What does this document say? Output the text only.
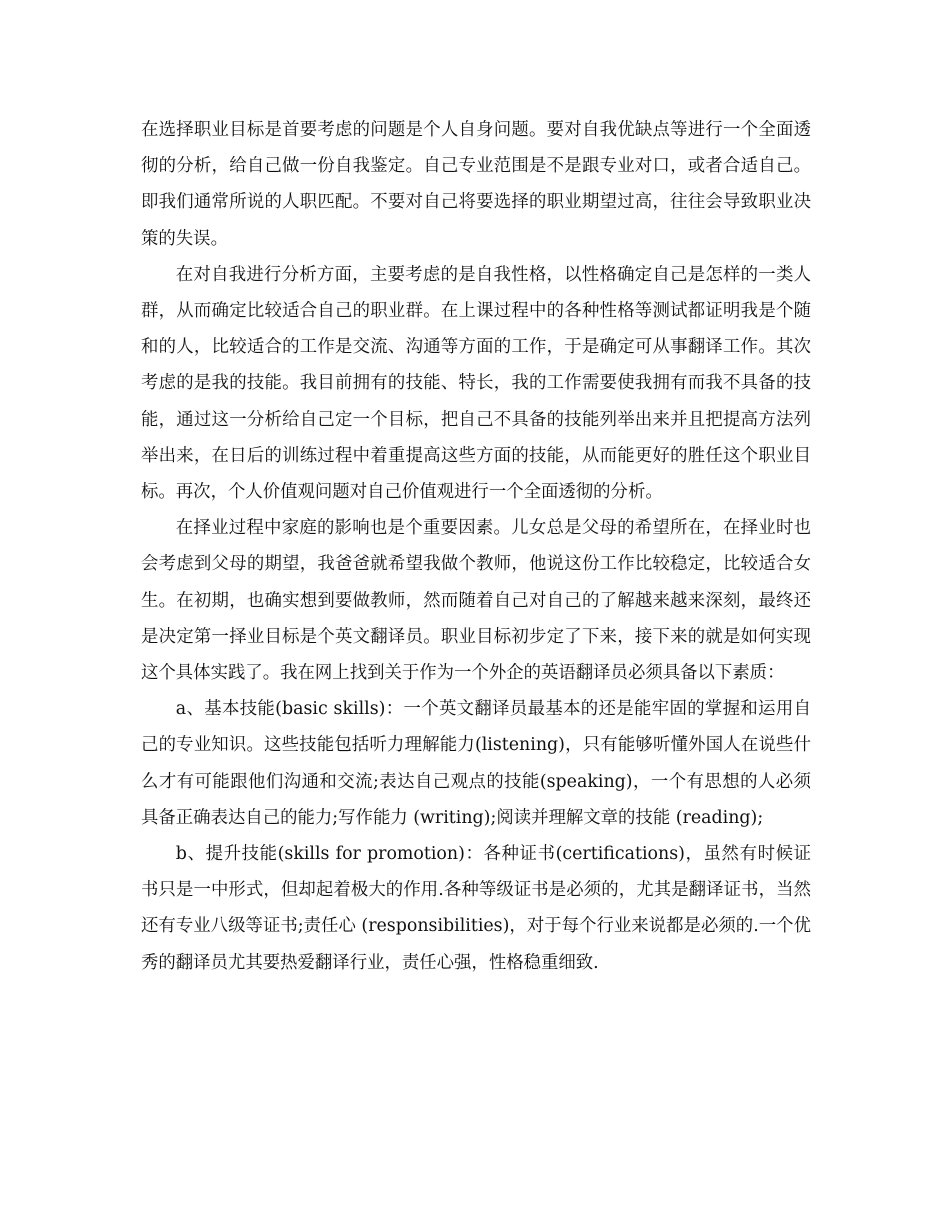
在选择职业目标是首要考虑的问题是个人自身问题。要对自我优缺点等进行一个全面透彻的分析，给自己做一份自我鉴定。自己专业范围是不是跟专业对口，或者合适自己。即我们通常所说的人职匹配。不要对自己将要选择的职业期望过高，往往会导致职业决策的失误。

在对自我进行分析方面，主要考虑的是自我性格，以性格确定自己是怎样的一类人群，从而确定比较适合自己的职业群。在上课过程中的各种性格等测试都证明我是个随和的人，比较适合的工作是交流、沟通等方面的工作，于是确定可从事翻译工作。其次考虑的是我的技能。我目前拥有的技能、特长，我的工作需要使我拥有而我不具备的技能，通过这一分析给自己定一个目标，把自己不具备的技能列举出来并且把提高方法列举出来，在日后的训练过程中着重提高这些方面的技能，从而能更好的胜任这个职业目标。再次，个人价值观问题对自己价值观进行一个全面透彻的分析。

在择业过程中家庭的影响也是个重要因素。儿女总是父母的希望所在，在择业时也会考虑到父母的期望，我爸爸就希望我做个教师，他说这份工作比较稳定，比较适合女生。在初期，也确实想到要做教师，然而随着自己对自己的了解越来越来深刻，最终还是决定第一择业目标是个英文翻译员。职业目标初步定了下来，接下来的就是如何实现这个具体实践了。我在网上找到关于作为一个外企的英语翻译员必须具备以下素质：

a、基本技能(basic skills)：一个英文翻译员最基本的还是能牢固的掌握和运用自己的专业知识。这些技能包括听力理解能力(listening)，只有能够听懂外国人在说些什么才有可能跟他们沟通和交流;表达自己观点的技能(speaking)，一个有思想的人必须具备正确表达自己的能力;写作能力 (writing);阅读并理解文章的技能 (reading);

b、提升技能(skills for promotion)：各种证书(certifications)，虽然有时候证书只是一中形式，但却起着极大的作用.各种等级证书是必须的，尤其是翻译证书，当然还有专业八级等证书;责任心 (responsibilities)，对于每个行业来说都是必须的.一个优秀的翻译员尤其要热爱翻译行业，责任心强，性格稳重细致.
